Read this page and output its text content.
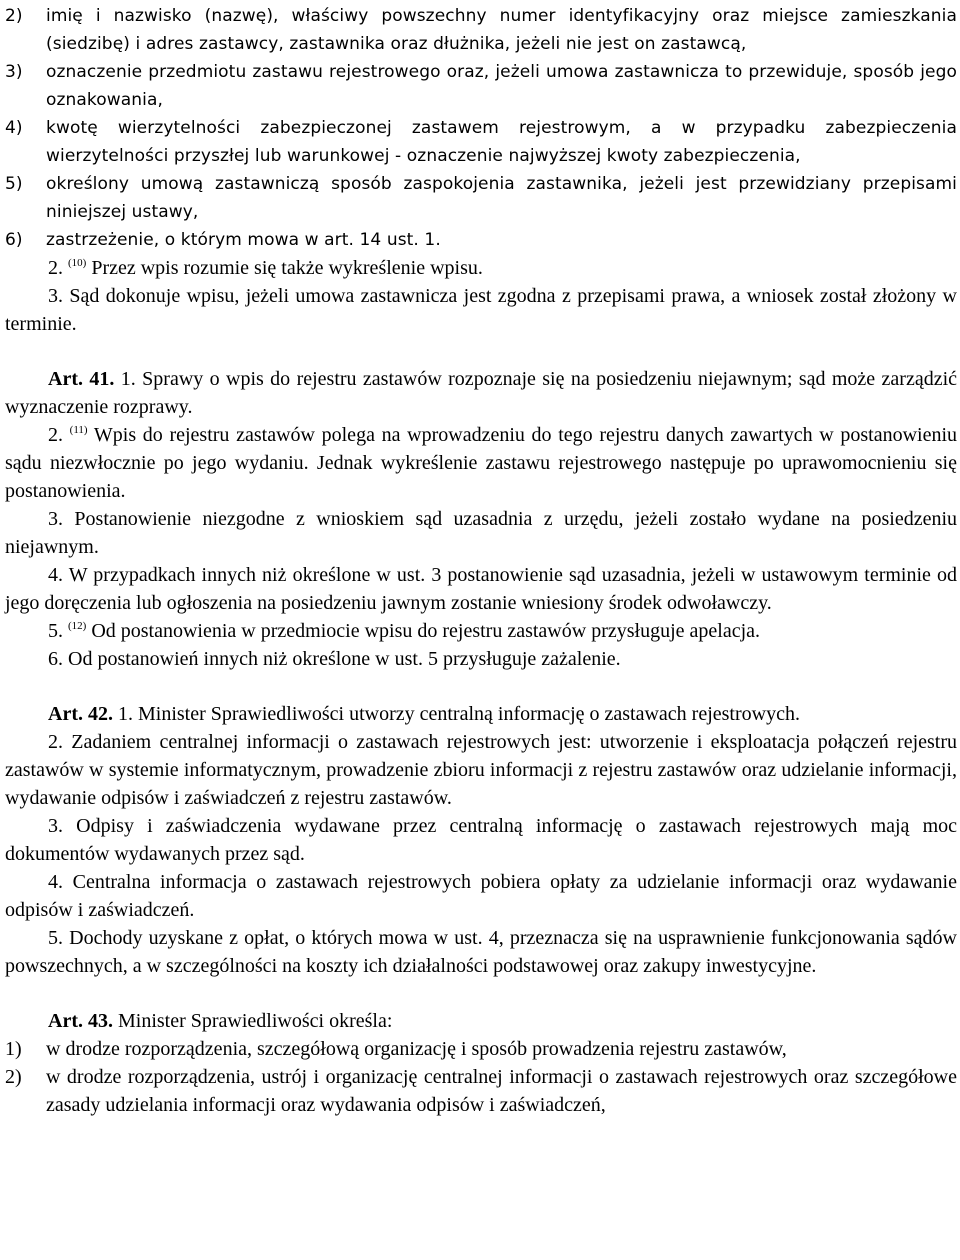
2)	imię i nazwisko (nazwę), właściwy powszechny numer identyfikacyjny oraz miejsce zamieszkania (siedzibę) i adres zastawcy, zastawnika oraz dłużnika, jeżeli nie jest on zastawcą,
3)	oznaczenie przedmiotu zastawu rejestrowego oraz, jeżeli umowa zastawnicza to przewiduje, sposób jego oznakowania,
4)	kwotę wierzytelności zabezpieczonej zastawem rejestrowym, a w przypadku zabezpieczenia wierzytelności przyszłej lub warunkowej - oznaczenie najwyższej kwoty zabezpieczenia,
5)	określony umową zastawniczą sposób zaspokojenia zastawnika, jeżeli jest przewidziany przepisami niniejszej ustawy,
6)	zastrzeżenie, o którym mowa w art. 14 ust. 1.

2. $^{(10)}$ Przez wpis rozumie się także wykreślenie wpisu.

3. Sąd dokonuje wpisu, jeżeli umowa zastawnicza jest zgodna z przepisami prawa, a wniosek został złożony w terminie.

Art. 41. 1. Sprawy o wpis do rejestru zastawów rozpoznaje się na posiedzeniu niejawnym; sąd może zarządzić wyznaczenie rozprawy.

2. $^{(11)}$ Wpis do rejestru zastawów polega na wprowadzeniu do tego rejestru danych zawartych w postanowieniu sądu niezwłocznie po jego wydaniu. Jednak wykreślenie zastawu rejestrowego następuje po uprawomocnieniu się postanowienia.

3. Postanowienie niezgodne z wnioskiem sąd uzasadnia z urzędu, jeżeli zostało wydane na posiedzeniu niejawnym.

4. W przypadkach innych niż określone w ust. 3 postanowienie sąd uzasadnia, jeżeli w ustawowym terminie od jego doręczenia lub ogłoszenia na posiedzeniu jawnym zostanie wniesiony środek odwoławczy.

5. $^{(12)}$ Od postanowienia w przedmiocie wpisu do rejestru zastawów przysługuje apelacja.

6. Od postanowień innych niż określone w ust. 5 przysługuje zażalenie.

Art. 42. 1. Minister Sprawiedliwości utworzy centralną informację o zastawach rejestrowych.

2. Zadaniem centralnej informacji o zastawach rejestrowych jest: utworzenie i eksploatacja połączeń rejestru zastawów w systemie informatycznym, prowadzenie zbioru informacji z rejestru zastawów oraz udzielanie informacji, wydawanie odpisów i zaświadczeń z rejestru zastawów.

3. Odpisy i zaświadczenia wydawane przez centralną informację o zastawach rejestrowych mają moc dokumentów wydawanych przez sąd.

4. Centralna informacja o zastawach rejestrowych pobiera opłaty za udzielanie informacji oraz wydawanie odpisów i zaświadczeń.

5. Dochody uzyskane z opłat, o których mowa w ust. 4, przeznacza się na usprawnienie funkcjonowania sądów powszechnych, a w szczególności na koszty ich działalności podstawowej oraz zakupy inwestycyjne.

Art. 43. Minister Sprawiedliwości określa:

1)	w drodze rozporządzenia, szczegółową organizację i sposób prowadzenia rejestru zastawów,
2)	w drodze rozporządzenia, ustrój i organizację centralnej informacji o zastawach rejestrowych oraz szczegółowe zasady udzielania informacji oraz wydawania odpisów i zaświadczeń,
